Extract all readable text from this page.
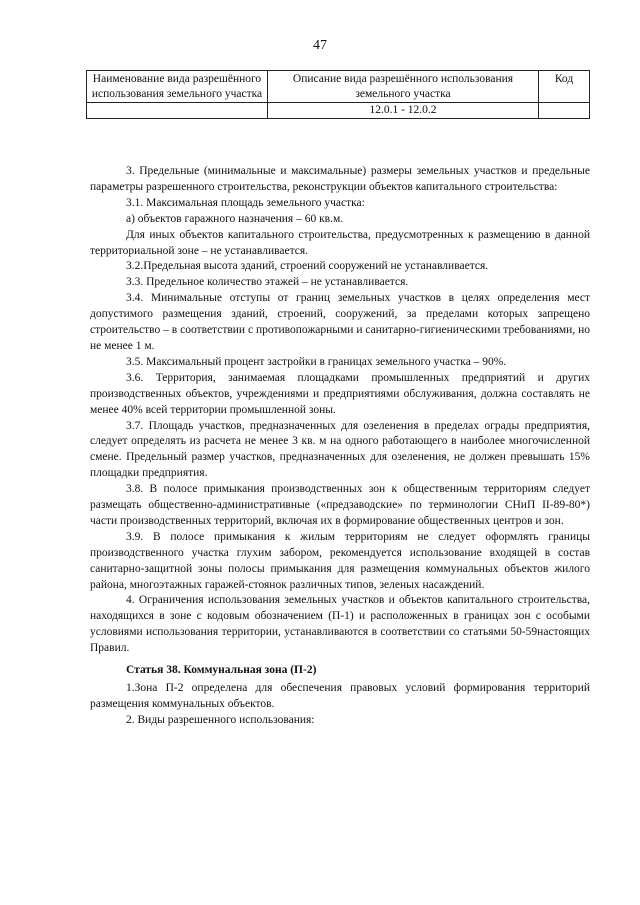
47
Наименование вида разрешённого использования земельного участка	Описание вида разрешённого использования земельного участка	Код
	12.0.1 - 12.0.2	

3. Предельные (минимальные и максимальные) размеры земельных участков и предельные параметры разрешенного строительства, реконструкции объектов капитального строительства:

3.1. Максимальная площадь земельного участка:

а) объектов гаражного назначения – 60 кв.м.

Для иных объектов капитального строительства, предусмотренных к размещению в данной территориальной зоне – не устанавливается.

3.2.Предельная высота зданий, строений сооружений не устанавливается.

3.3. Предельное количество этажей – не устанавливается.

3.4. Минимальные отступы от границ земельных участков в целях определения мест допустимого размещения зданий, строений, сооружений, за пределами которых запрещено строительство – в соответствии с противопожарными и санитарно-гигиеническими требованиями, но не менее 1 м.

3.5. Максимальный процент застройки в границах земельного участка – 90%.

3.6. Территория, занимаемая площадками промышленных предприятий и других производственных объектов, учреждениями и предприятиями обслуживания, должна составлять не менее 40% всей территории промышленной зоны.

3.7. Площадь участков, предназначенных для озеленения в пределах ограды предприятия, следует определять из расчета не менее 3 кв. м на одного работающего в наиболее многочисленной смене. Предельный размер участков, предназначенных для озеленения, не должен превышать 15% площадки предприятия.

3.8. В полосе примыкания производственных зон к общественным территориям следует размещать общественно-административные («предзаводские» по терминологии СНиП II-89-80*) части производственных территорий, включая их в формирование общественных центров и зон.

3.9. В полосе примыкания к жилым территориям не следует оформлять границы производственного участка глухим забором, рекомендуется использование входящей в состав санитарно-защитной зоны полосы примыкания для размещения коммунальных объектов жилого района, многоэтажных гаражей-стоянок различных типов, зеленых насаждений.

4. Ограничения использования земельных участков и объектов капитального строительства, находящихся в зоне с кодовым обозначением (П-1) и расположенных в границах зон с особыми условиями использования территории, устанавливаются в соответствии со статьями 50-59настоящих Правил.

Статья 38. Коммунальная зона (П-2)

1.Зона П-2 определена для обеспечения правовых условий формирования территорий размещения коммунальных объектов.

2. Виды разрешенного использования:
